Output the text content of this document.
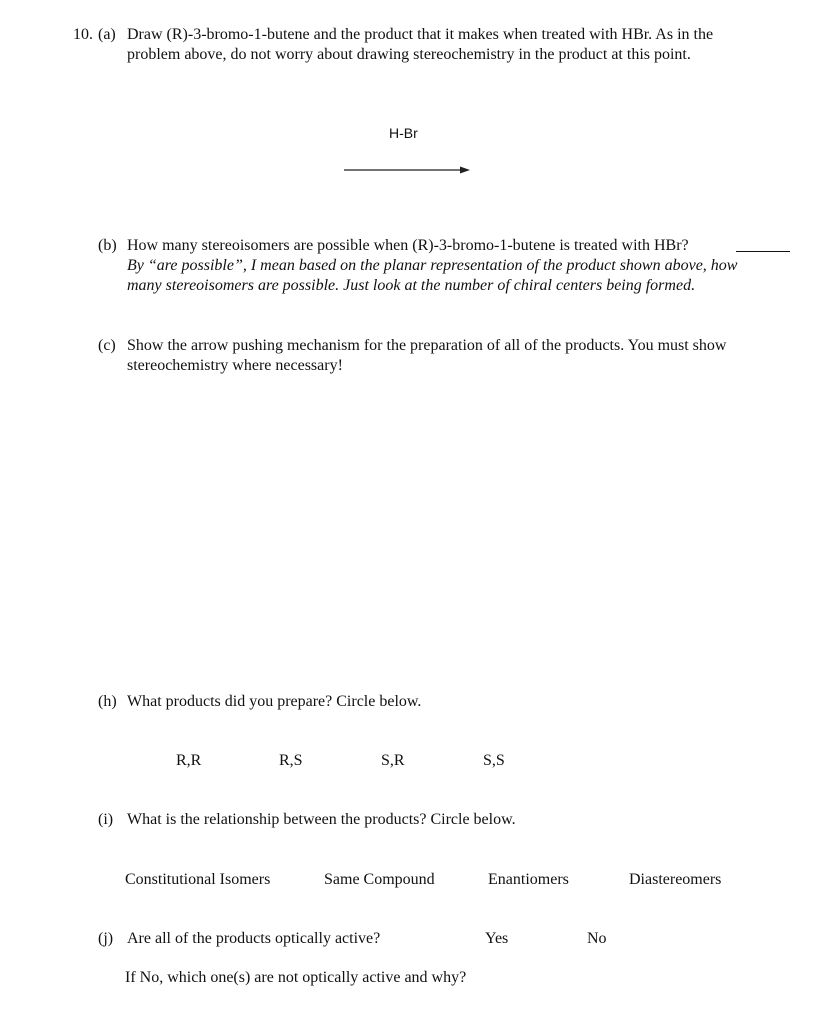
10. (a) Draw (R)-3-bromo-1-butene and the product that it makes when treated with HBr. As in the
problem above, do not worry about drawing stereochemistry in the product at this point.
H-Br
(b) How many stereoisomers are possible when (R)-3-bromo-1-butene is treated with HBr?
By “are possible”, I mean based on the planar representation of the product shown above, how
many stereoisomers are possible. Just look at the number of chiral centers being formed.
(c) Show the arrow pushing mechanism for the preparation of all of the products. You must show
stereochemistry where necessary!
(h) What products did you prepare? Circle below.
R,R	R,S	S,R	S,S
(i) What is the relationship between the products? Circle below.
Constitutional Isomers	Same Compound	Enantiomers	Diastereomers
(j) Are all of the products optically active?	Yes	No
If No, which one(s) are not optically active and why?
